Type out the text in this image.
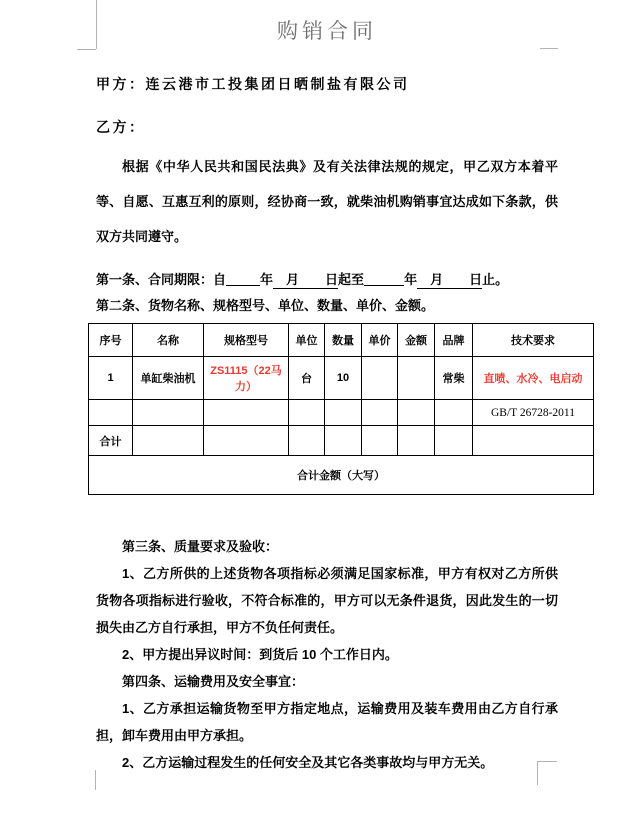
购销合同
甲方：连云港市工投集团日晒制盐有限公司
乙方：

根据《中华人民共和国民法典》及有关法律法规的规定，甲乙双方本着平等、自愿、互惠互利的原则，经协商一致，就柴油机购销事宜达成如下条款，供双方共同遵守。

第一条、合同期限：自	年　月　　日起至	年　月　　日止。
第二条、货物名称、规格型号、单位、数量、单价、金额。
序号	名称	规格型号	单位	数量	单价	金额	品牌	技术要求
1	单缸柴油机	ZS1115（22马力）	台	10			常柴	直喷、水冷、电启动
								GB/T 26728-2011
合计								
合计金额（大写）								

第三条、质量要求及验收：

1、乙方所供的上述货物各项指标必须满足国家标准，甲方有权对乙方所供货物各项指标进行验收，不符合标准的，甲方可以无条件退货，因此发生的一切损失由乙方自行承担，甲方不负任何责任。

2、甲方提出异议时间：到货后 10 个工作日内。

第四条、运输费用及安全事宜：

1、乙方承担运输货物至甲方指定地点，运输费用及装车费用由乙方自行承担，卸车费用由甲方承担。

2、乙方运输过程发生的任何安全及其它各类事故均与甲方无关。
